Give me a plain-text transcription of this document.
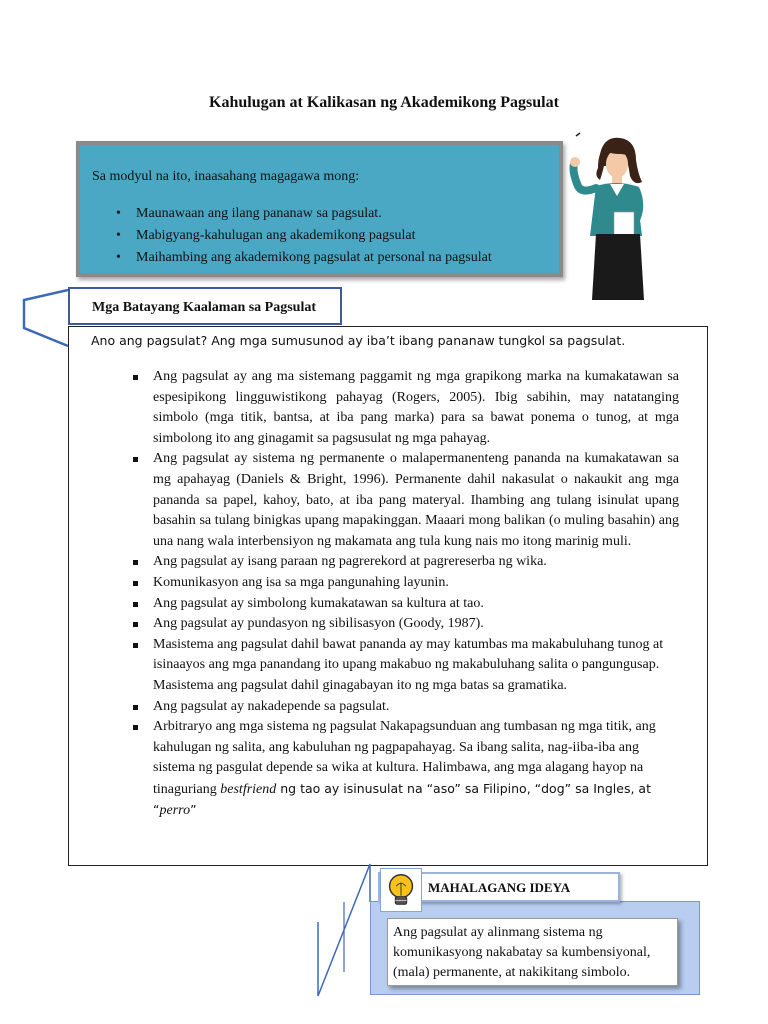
Kahulugan at Kalikasan ng Akademikong Pagsulat
Sa modyul na ito, inaasahang magagawa mong:
• Maunawaan ang ilang pananaw sa pagsulat.
• Mabigyang-kahulugan ang akademikong pagsulat
• Maihambing ang akademikong pagsulat at personal na pagsulat
Mga Batayang Kaalaman sa Pagsulat
Ano ang pagsulat? Ang mga sumusunod ay iba’t ibang pananaw tungkol sa pagsulat.
Ang pagsulat ay ang ma sistemang paggamit ng mga grapikong marka na kumakatawan sa espesipikong lingguwistikong pahayag (Rogers, 2005). Ibig sabihin, may natatanging simbolo (mga titik, bantsa, at iba pang marka) para sa bawat ponema o tunog, at mga simbolong ito ang ginagamit sa pagsusulat ng mga pahayag.
Ang pagsulat ay sistema ng permanente o malapermanenteng pananda na kumakatawan sa mg apahayag (Daniels & Bright, 1996). Permanente dahil nakasulat o nakaukit ang mga pananda sa papel, kahoy, bato, at iba pang materyal. Ihambing ang tulang isinulat upang basahin sa tulang binigkas upang mapakinggan. Maaari mong balikan (o muling basahin) ang una nang wala interbensiyon ng makamata ang tula kung nais mo itong marinig muli.
Ang pagsulat ay isang paraan ng pagrerekord at pagrereserba ng wika.
Komunikasyon ang isa sa mga pangunahing layunin.
Ang pagsulat ay simbolong kumakatawan sa kultura at tao.
Ang pagsulat ay pundasyon ng sibilisasyon (Goody, 1987).
Masistema ang pagsulat dahil bawat pananda ay may katumbas ma makabuluhang tunog at isinaayos ang mga panandang ito upang makabuo ng makabuluhang salita o pangungusap. Masistema ang pagsulat dahil ginagabayan ito ng mga batas sa gramatika.
Ang pagsulat ay nakadepende sa pagsulat.
Arbitraryo ang mga sistema ng pagsulat Nakapagsunduan ang tumbasan ng mga titik, ang kahulugan ng salita, ang kabuluhan ng pagpapahayag. Sa ibang salita, nag-iiba-iba ang sistema ng pasgulat depende sa wika at kultura. Halimbawa, ang mga alagang hayop na tinaguriang bestfriend ng tao ay isinusulat na “aso” sa Filipino, “dog” sa Ingles, at “perro”
MAHALAGANG IDEYA
Ang pagsulat ay alinmang sistema ng komunikasyong nakabatay sa kumbensiyonal, (mala) permanente, at nakikitang simbolo.
